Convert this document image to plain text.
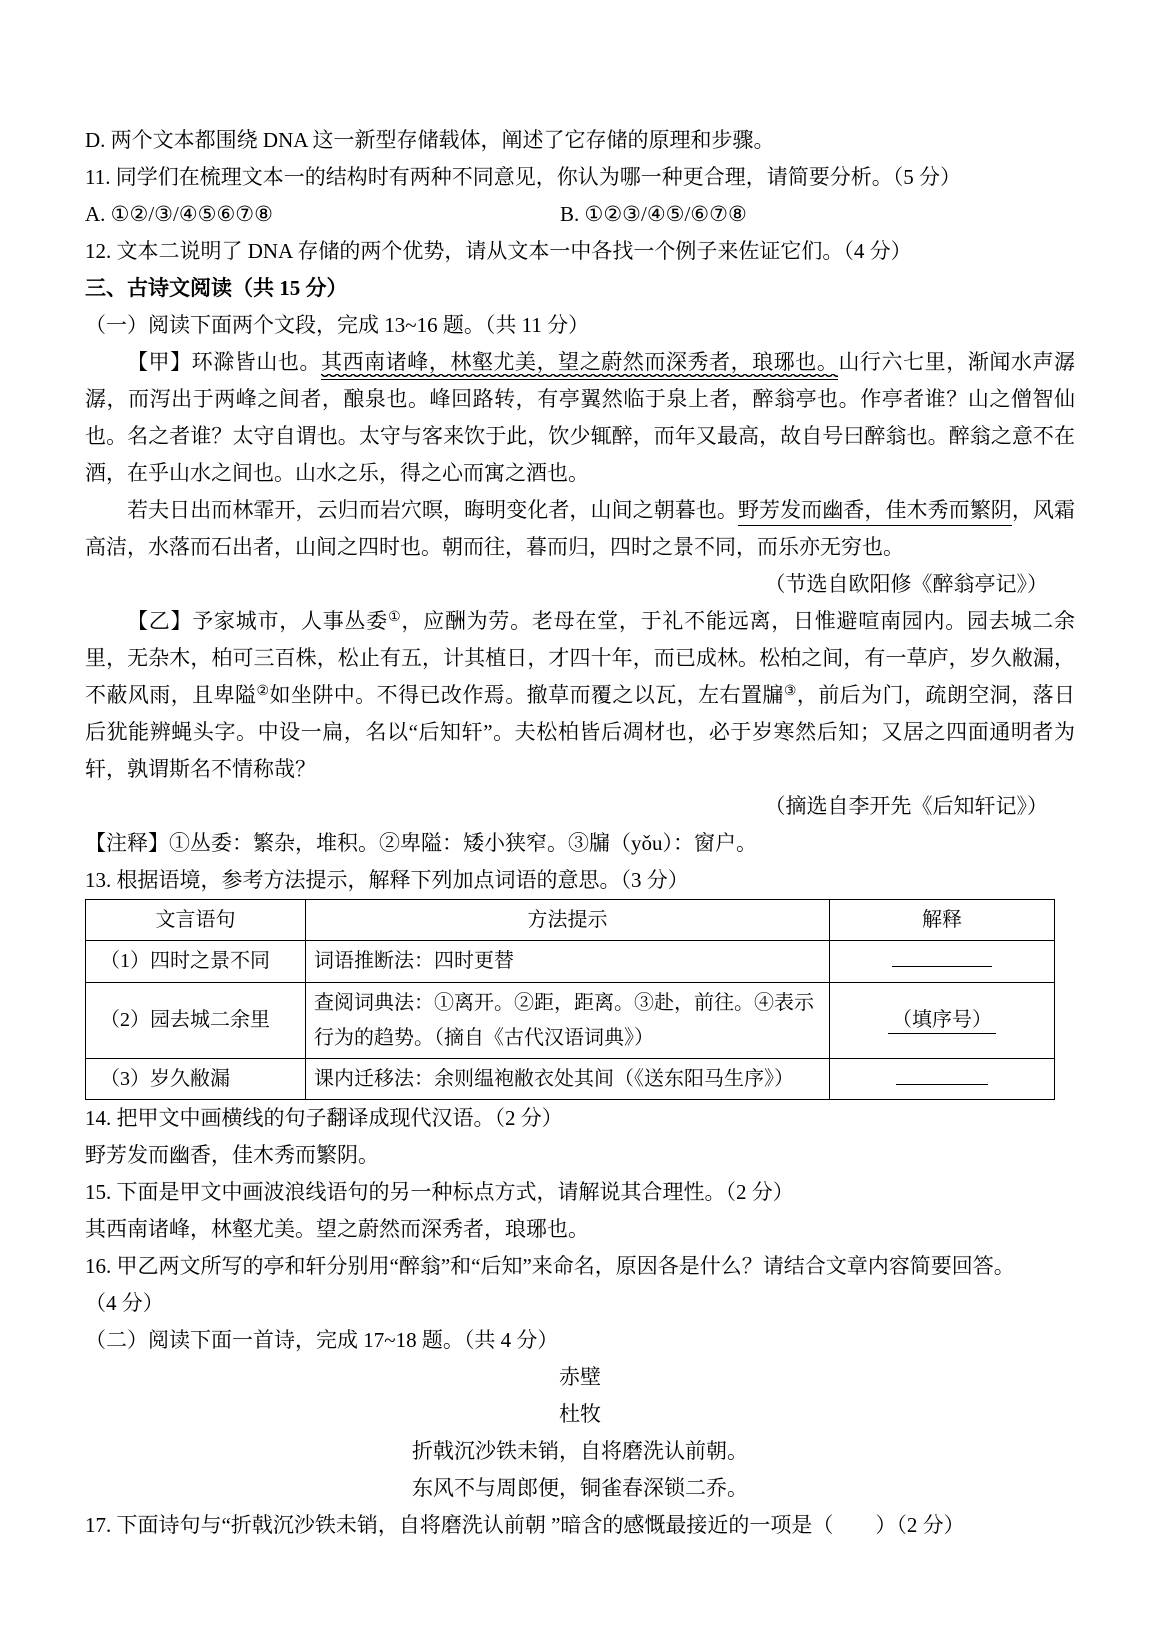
D. 两个文本都围绕 DNA 这一新型存储载体，阐述了它存储的原理和步骤。
11. 同学们在梳理文本一的结构时有两种不同意见，你认为哪一种更合理，请简要分析。（5 分）
A. ①②/③/④⑤⑥⑦⑧	B. ①②③/④⑤/⑥⑦⑧
12. 文本二说明了 DNA 存储的两个优势，请从文本一中各找一个例子来佐证它们。（4 分）
三、古诗文阅读（共 15 分）
（一）阅读下面两个文段，完成 13~16 题。（共 11 分）
【甲】环滁皆山也。其西南诸峰，林壑尤美，望之蔚然而深秀者，琅琊也。山行六七里，渐闻水声潺潺，而泻出于两峰之间者，酿泉也。峰回路转，有亭翼然临于泉上者，醉翁亭也。作亭者谁？山之僧智仙也。名之者谁？太守自谓也。太守与客来饮于此，饮少辄醉，而年又最高，故自号曰醉翁也。醉翁之意不在酒，在乎山水之间也。山水之乐，得之心而寓之酒也。
若夫日出而林霏开，云归而岩穴暝，晦明变化者，山间之朝暮也。野芳发而幽香，佳木秀而繁阴，风霜高洁，水落而石出者，山间之四时也。朝而往，暮而归，四时之景不同，而乐亦无穷也。
（节选自欧阳修《醉翁亭记》）
【乙】予家城市，人事丛委①，应酬为劳。老母在堂，于礼不能远离，日惟避喧南园内。园去城二余里，无杂木，柏可三百株，松止有五，计其植日，才四十年，而已成林。松柏之间，有一草庐，岁久敝漏，不蔽风雨，且卑隘②如坐阱中。不得已改作焉。撤草而覆之以瓦，左右置牖③，前后为门，疏朗空洞，落日后犹能辨蝇头字。中设一扁，名以“后知轩”。夫松柏皆后凋材也，必于岁寒然后知；又居之四面通明者为轩，孰谓斯名不情称哉？
（摘选自李开先《后知轩记》）
【注释】①丛委：繁杂，堆积。②卑隘：矮小狭窄。③牖（yǒu）：窗户。
13. 根据语境，参考方法提示，解释下列加点词语的意思。（3 分）
文言语句	方法提示	解释
（1）四时之景不同	词语推断法：四时更替	
（2）园去城二余里	查阅词典法：①离开。②距，距离。③赴，前往。④表示行为的趋势。（摘自《古代汉语词典》）	（填序号）
（3）岁久敝漏	课内迁移法：余则缊袍敝衣处其间（《送东阳马生序》）	
14. 把甲文中画横线的句子翻译成现代汉语。（2 分）
野芳发而幽香，佳木秀而繁阴。
15. 下面是甲文中画波浪线语句的另一种标点方式，请解说其合理性。（2 分）
其西南诸峰，林壑尤美。望之蔚然而深秀者，琅琊也。
16. 甲乙两文所写的亭和轩分别用“醉翁”和“后知”来命名，原因各是什么？请结合文章内容简要回答。
（4 分）
（二）阅读下面一首诗，完成 17~18 题。（共 4 分）
赤壁
杜牧
折戟沉沙铁未销，自将磨洗认前朝。
东风不与周郎便，铜雀春深锁二乔。
17. 下面诗句与“折戟沉沙铁未销，自将磨洗认前朝 ”暗含的感慨最接近的一项是（　　）（2 分）
